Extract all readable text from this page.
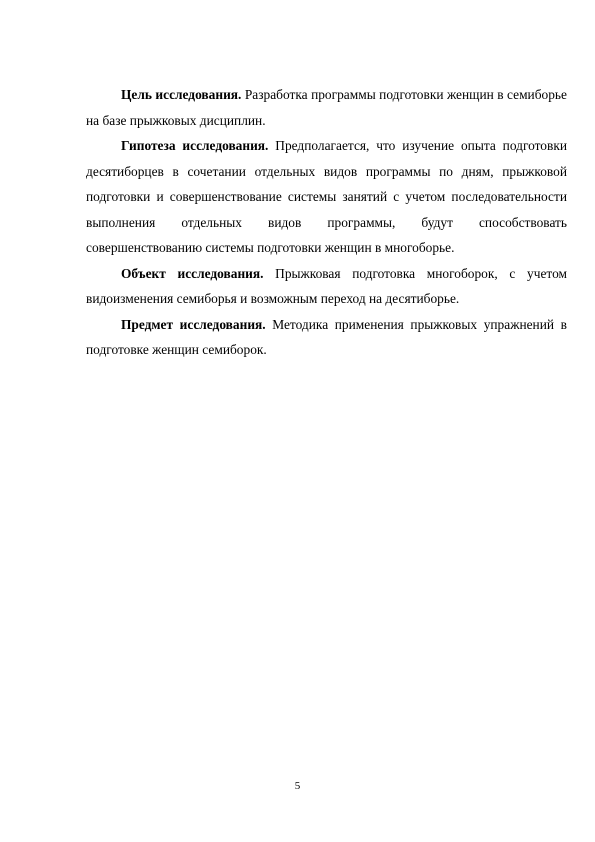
Цель исследования. Разработка программы подготовки женщин в семиборье на базе прыжковых дисциплин.

Гипотеза исследования. Предполагается, что изучение опыта подготовки десятиборцев в сочетании отдельных видов программы по дням, прыжковой подготовки и совершенствование системы занятий с учетом последовательности выполнения отдельных видов программы, будут способствовать совершенствованию системы подготовки женщин в многоборье.

Объект исследования. Прыжковая подготовка многоборок, с учетом видоизменения семиборья и возможным переход на десятиборье.

Предмет исследования. Методика применения прыжковых упражнений в подготовке женщин семиборок.

5
